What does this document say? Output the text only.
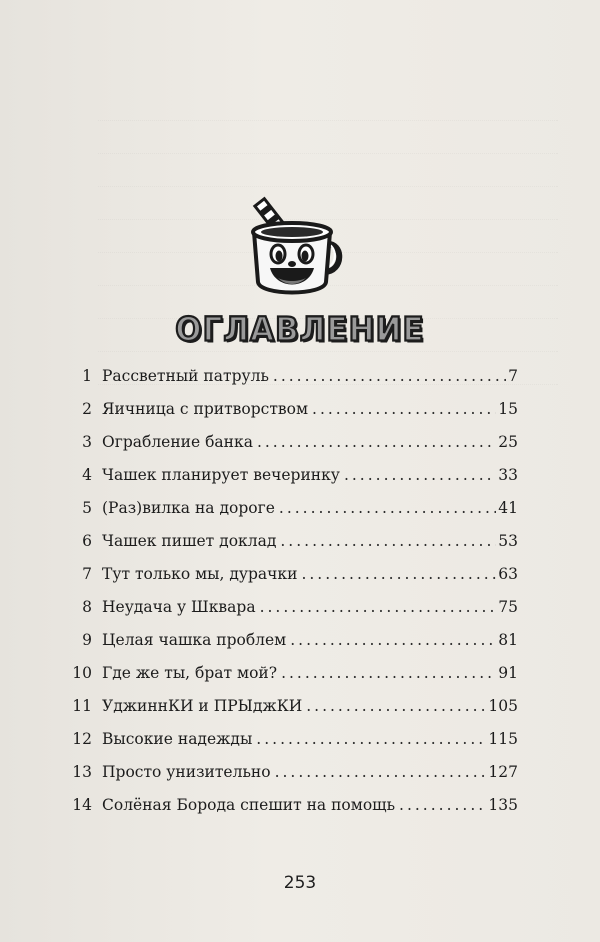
ОГЛАВЛЕНИЕ
1 Рассветный патруль .....	7
2 Яичница с притворством .....	15
3 Ограбление банка .....	25
4 Чашек планирует вечеринку .....	33
5 (Раз)вилка на дороге .....	41
6 Чашек пишет доклад .....	53
7 Тут только мы, дурачки .....	63
8 Неудача у Шквара .....	75
9 Целая чашка проблем .....	81
10 Где же ты, брат мой? .....	91
11 УджиннКИ и ПРЫджКИ .....	105
12 Высокие надежды .....	115
13 Просто унизительно .....	127
14 Солёная Борода спешит на помощь .....	135
253
